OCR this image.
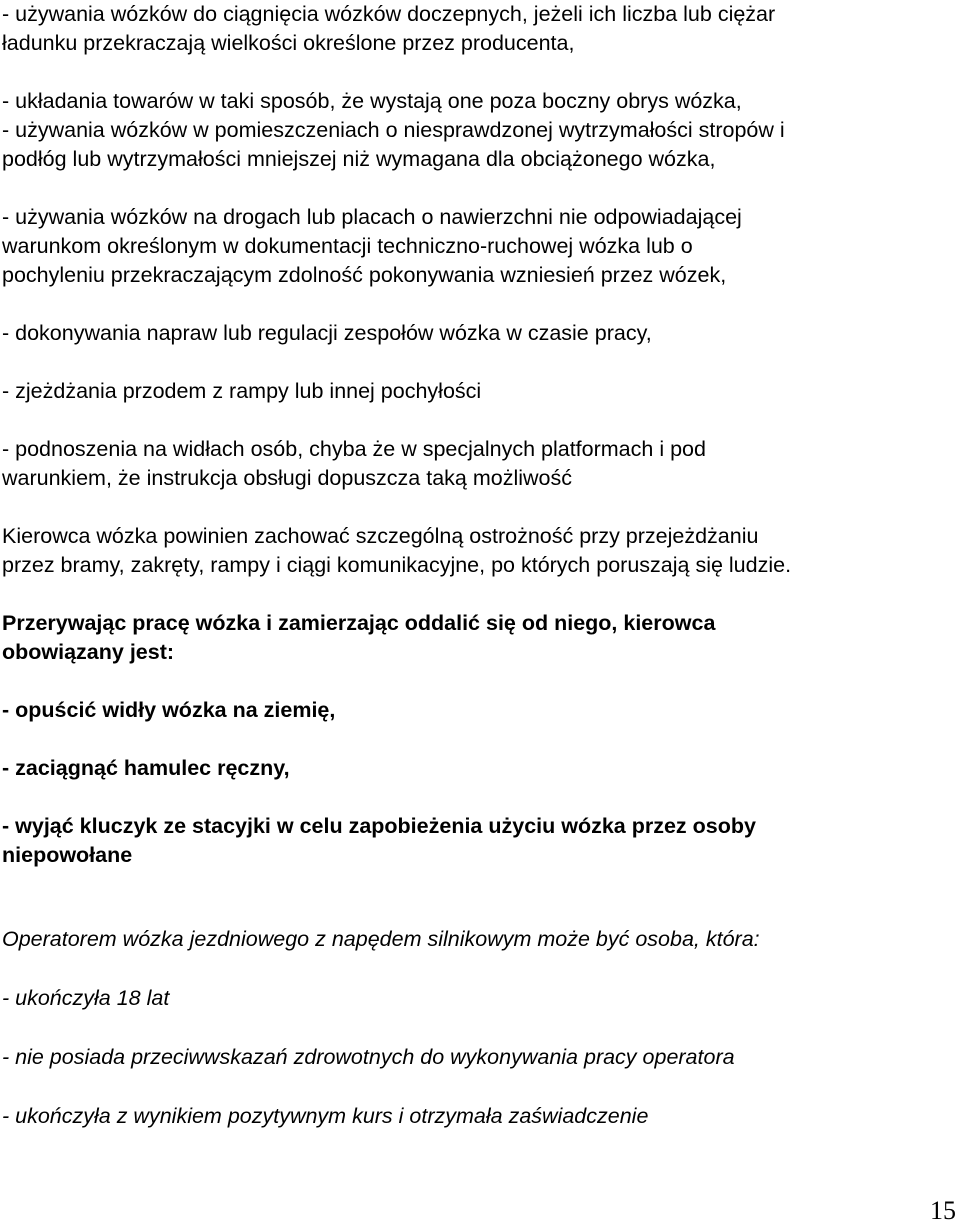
- używania wózków do ciągnięcia wózków doczepnych, jeżeli ich liczba lub ciężar
ładunku przekraczają wielkości określone przez producenta,
- układania towarów w taki sposób, że wystają one poza boczny obrys wózka,
- używania wózków w pomieszczeniach o niesprawdzonej wytrzymałości stropów i
podłóg lub wytrzymałości mniejszej niż wymagana dla obciążonego wózka,
- używania wózków na drogach lub placach o nawierzchni nie odpowiadającej
warunkom określonym w dokumentacji techniczno-ruchowej wózka lub o
pochyleniu przekraczającym zdolność pokonywania wzniesień przez wózek,
- dokonywania napraw lub regulacji zespołów wózka w czasie pracy,
- zjeżdżania przodem z rampy lub innej pochyłości
- podnoszenia na widłach osób, chyba że w specjalnych platformach i pod
warunkiem, że instrukcja obsługi dopuszcza taką możliwość
Kierowca wózka powinien zachować szczególną ostrożność przy przejeżdżaniu
przez bramy, zakręty, rampy i ciągi komunikacyjne, po których poruszają się ludzie.
Przerywając pracę wózka i zamierzając oddalić się od niego, kierowca
obowiązany jest:
- opuścić widły wózka na ziemię,
- zaciągnąć hamulec ręczny,
- wyjąć kluczyk ze stacyjki w celu zapobieżenia użyciu wózka przez osoby
niepowołane
Operatorem wózka jezdniowego z napędem silnikowym może być osoba, która:
- ukończyła 18 lat
- nie posiada przeciwwskazań zdrowotnych do wykonywania pracy operatora
- ukończyła z wynikiem pozytywnym kurs i otrzymała zaświadczenie
15
